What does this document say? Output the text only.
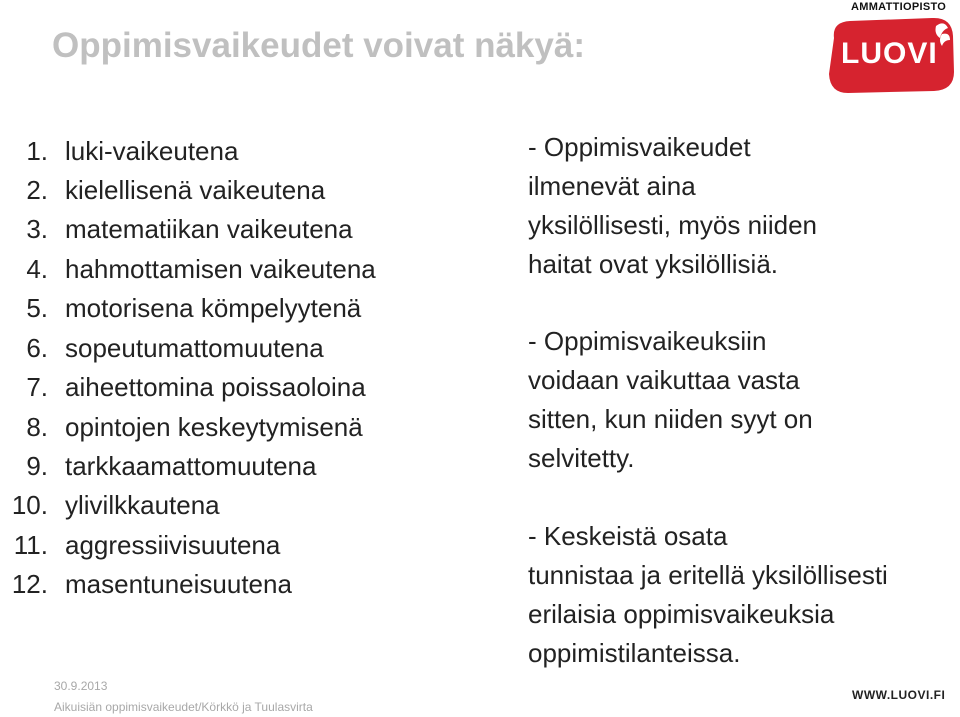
Oppimisvaikeudet voivat näkyä:
AMMATTIOPISTO
LUOVI
1. luki-vaikeutena
2. kielellisenä vaikeutena
3. matematiikan vaikeutena
4. hahmottamisen vaikeutena
5. motorisena kömpelyytenä
6. sopeutumattomuutena
7. aiheettomina poissaoloina
8. opintojen keskeytymisenä
9. tarkkaamattomuutena
10. ylivilkkautena
11. aggressiivisuutena
12. masentuneisuutena
- Oppimisvaikeudet
ilmenevät aina
yksilöllisesti, myös niiden
haitat ovat yksilöllisiä.
- Oppimisvaikeuksiin
voidaan vaikuttaa vasta
sitten, kun niiden syyt on
selvitetty.
- Keskeistä osata
tunnistaa ja eritellä yksilöllisesti
erilaisia oppimisvaikeuksia
oppimistilanteissa.
30.9.2013
Aikuisiän oppimisvaikeudet/Körkkö ja Tuulasvirta
WWW.LUOVI.FI
